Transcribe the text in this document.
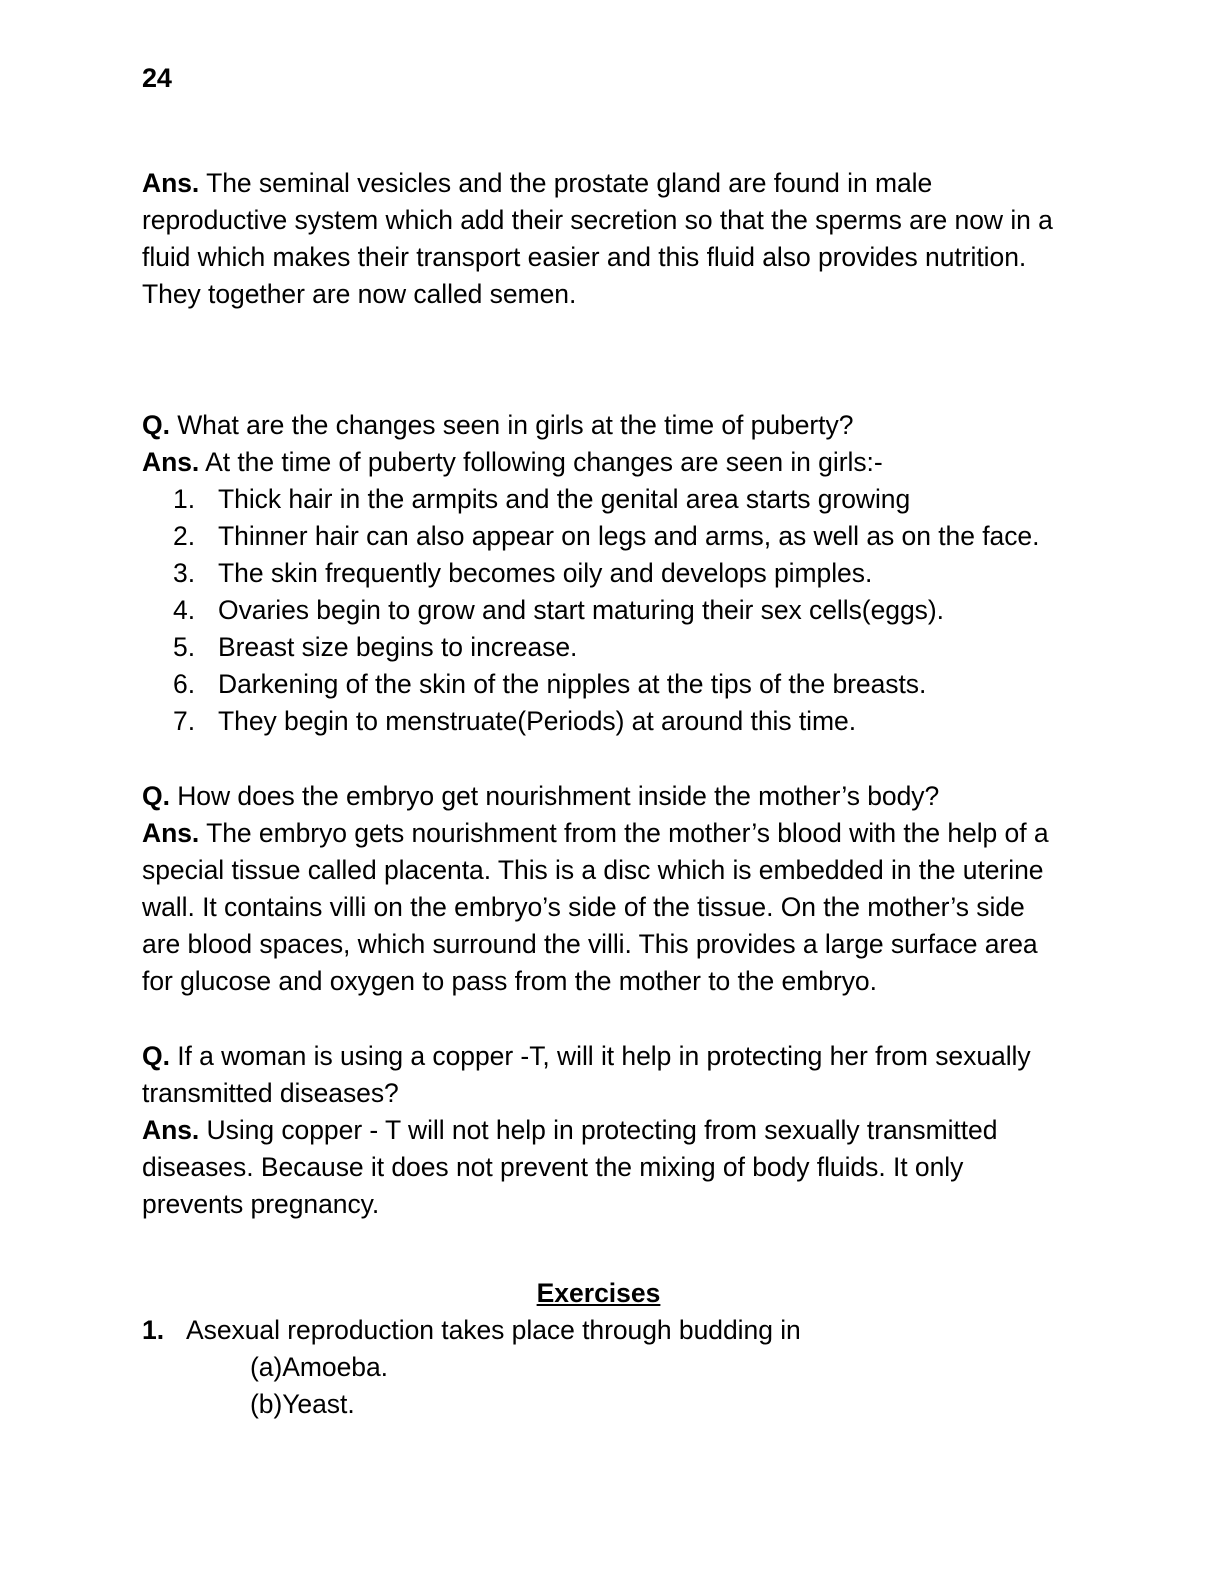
24

Ans. The seminal vesicles and the prostate gland are found in male reproductive system which add their secretion so that the sperms are now in a fluid which makes their transport easier and this fluid also provides nutrition. They together are now called semen.

Q. What are the changes seen in girls at the time of puberty?

Ans. At the time of puberty following changes are seen in girls:-

1. Thick hair in the armpits and the genital area starts growing
2. Thinner hair can also appear on legs and arms, as well as on the face.
3. The skin frequently becomes oily and develops pimples.
4. Ovaries begin to grow and start maturing their sex cells(eggs).
5. Breast size begins to increase.
6. Darkening of the skin of the nipples at the tips of the breasts.
7. They begin to menstruate(Periods) at around this time.

Q. How does the embryo get nourishment inside the mother’s body?

Ans. The embryo gets nourishment from the mother’s blood with the help of a special tissue called placenta. This is a disc which is embedded in the uterine wall. It contains villi on the embryo’s side of the tissue. On the mother’s side are blood spaces, which surround the villi. This provides a large surface area for glucose and oxygen to pass from the mother to the embryo.

Q. If a woman is using a copper -T, will it help in protecting her from sexually transmitted diseases?

Ans. Using copper - T will not help in protecting from sexually transmitted diseases. Because it does not prevent the mixing of body fluids. It only prevents pregnancy.

Exercises
1. Asexual reproduction takes place through budding in
(a)Amoeba.
(b)Yeast.
